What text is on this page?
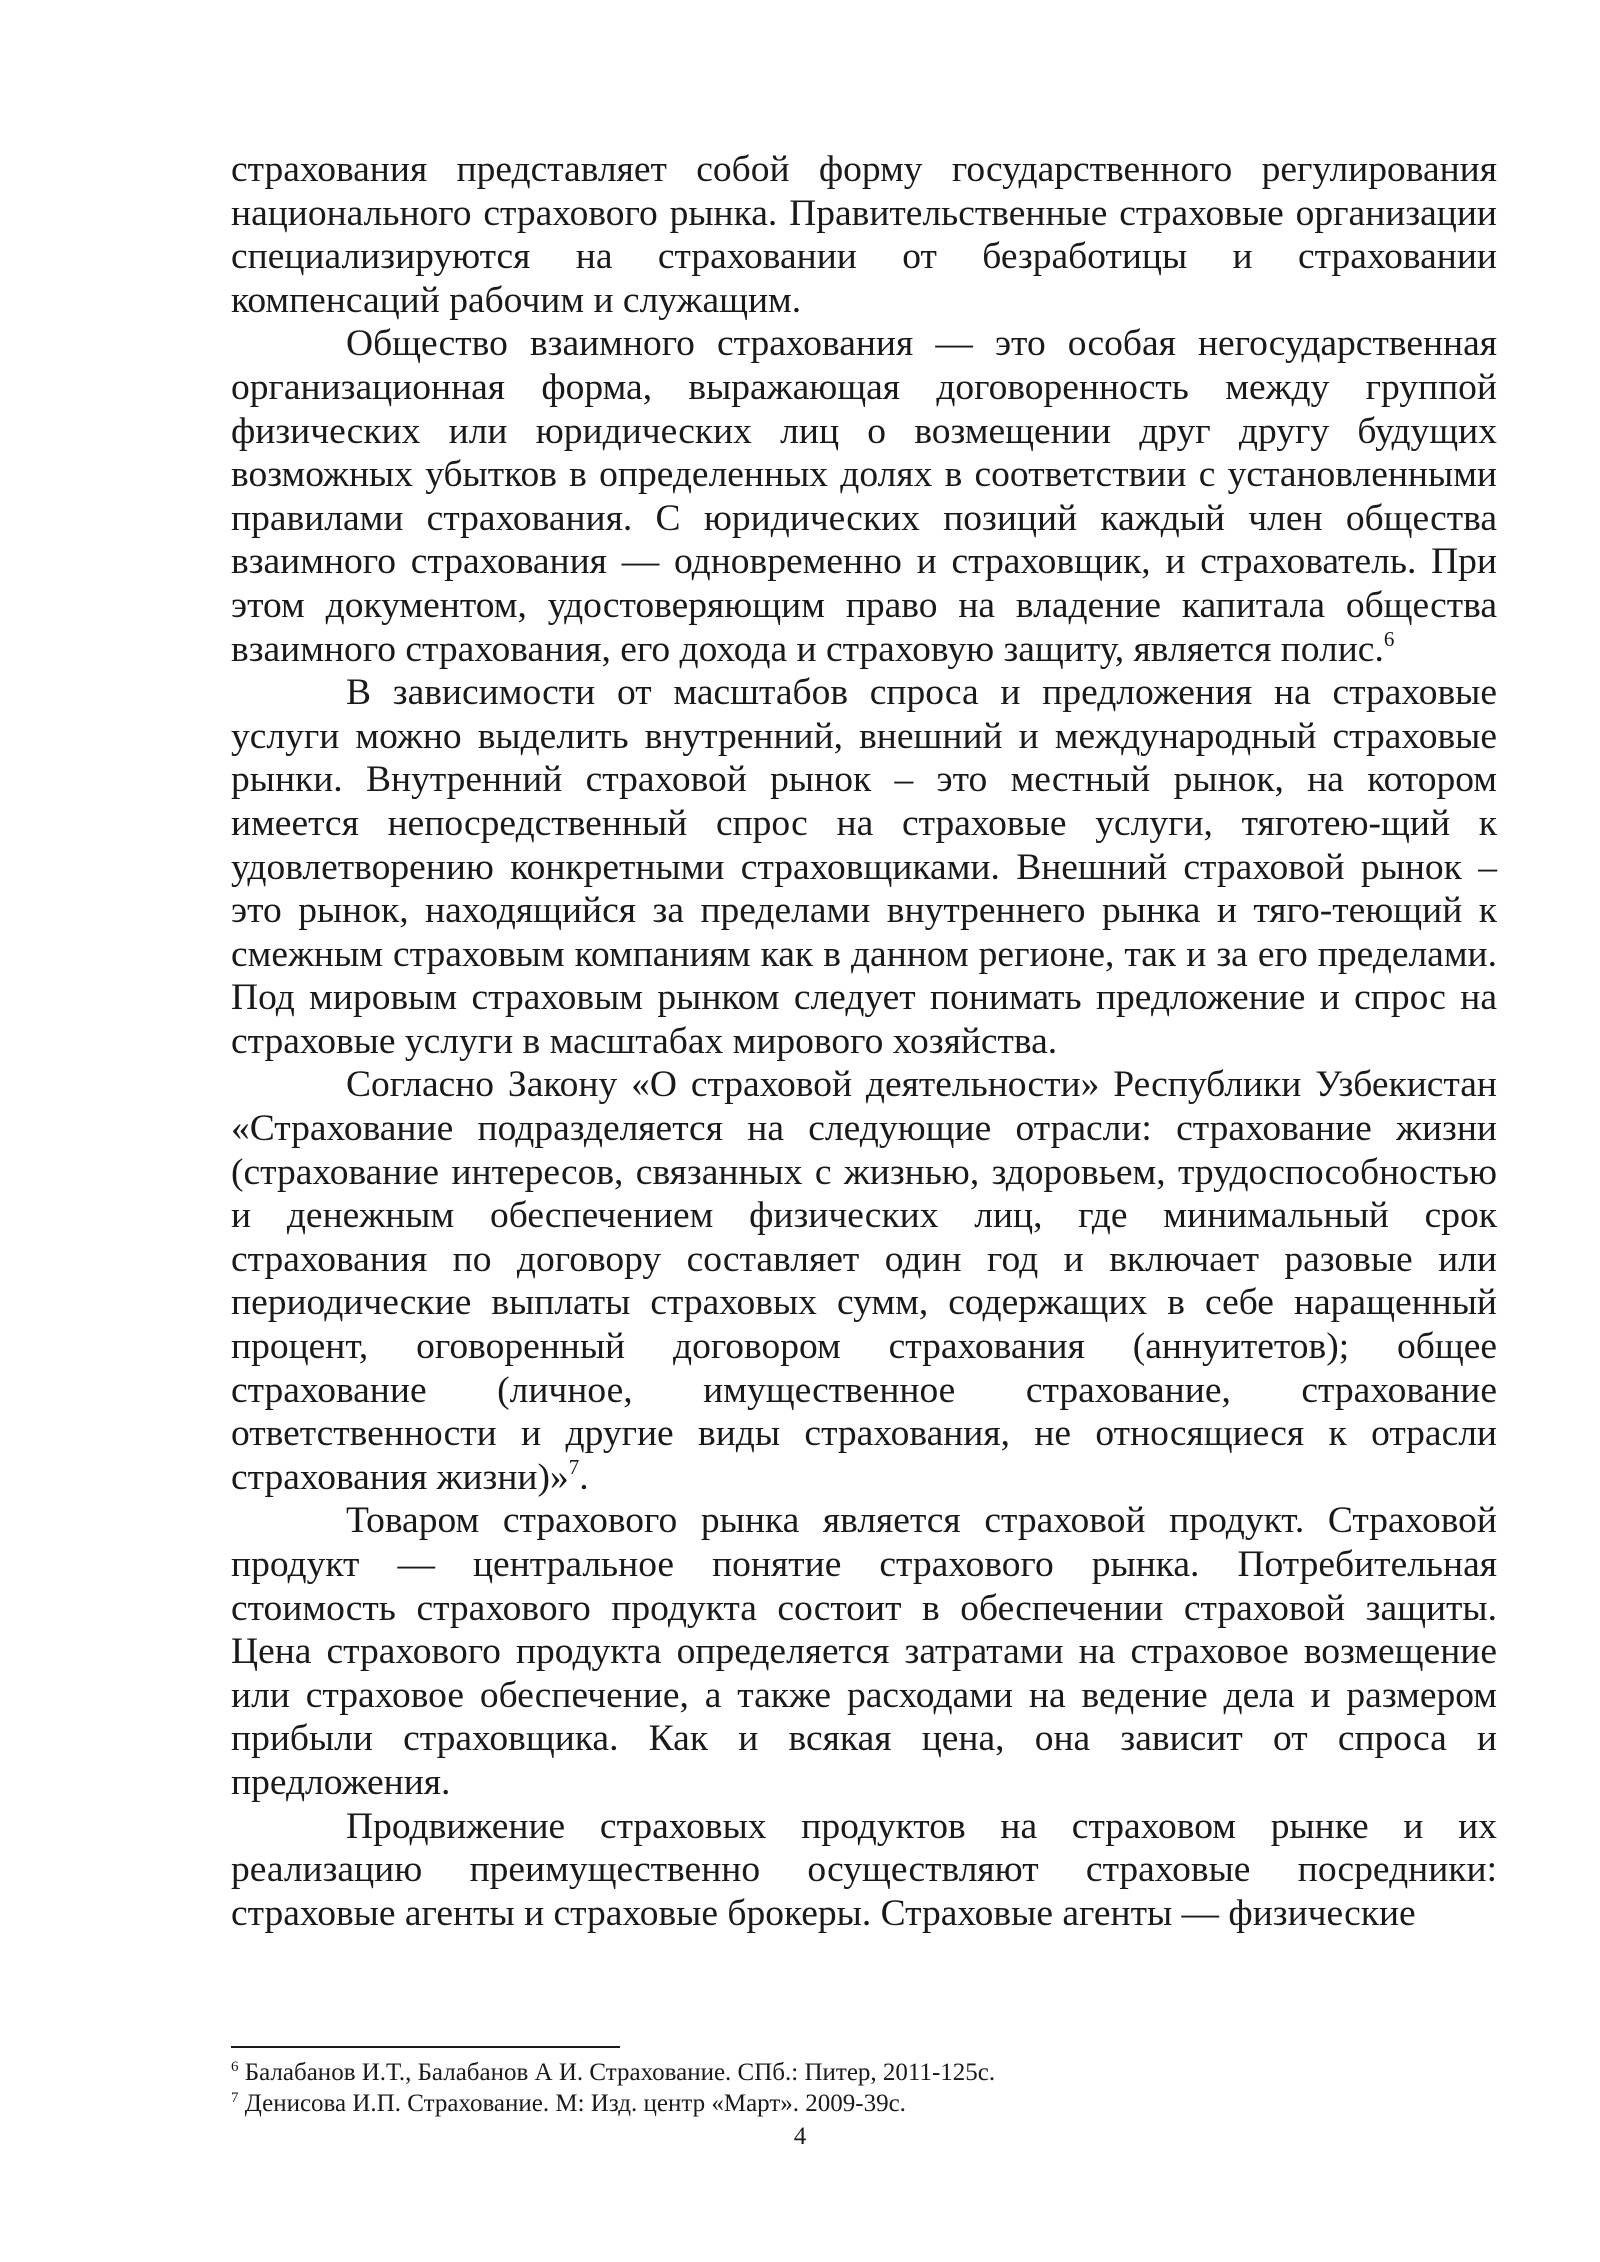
страхования представляет собой форму государственного регулирования национального страхового рынка. Правительственные страховые организации специализируются на страховании от безработицы и страховании компенсаций рабочим и служащим.

Общество взаимного страхования — это особая негосударственная организационная форма, выражающая договоренность между группой физических или юридических лиц о возмещении друг другу будущих возможных убытков в определенных долях в соответствии с установленными правилами страхования. С юридических позиций каждый член общества взаимного страхования — одновременно и страховщик, и страхователь. При этом документом, удостоверяющим право на владение капитала общества взаимного страхования, его дохода и страховую защиту, является полис.$^6$

В зависимости от масштабов спроса и предложения на страховые услуги можно выделить внутренний, внешний и международный страховые рынки. Внутренний страховой рынок – это местный рынок, на котором имеется непосредственный спрос на страховые услуги, тяготею-щий к удовлетворению конкретными страховщиками. Внешний страховой рынок – это рынок, находящийся за пределами внутреннего рынка и тяго-теющий к смежным страховым компаниям как в данном регионе, так и за его пределами. Под мировым страховым рынком следует понимать предложение и спрос на страховые услуги в масштабах мирового хозяйства.

Согласно Закону «О страховой деятельности» Республики Узбекистан «Страхование подразделяется на следующие отрасли: страхование жизни (страхование интересов, связанных с жизнью, здоровьем, трудоспособностью и денежным обеспечением физических лиц, где минимальный срок страхования по договору составляет один год и включает разовые или периодические выплаты страховых сумм, содержащих в себе наращенный процент, оговоренный договором страхования (аннуитетов); общее страхование (личное, имущественное страхование, страхование ответственности и другие виды страхования, не относящиеся к отрасли страхования жизни)»$^7$.

Товаром страхового рынка является страховой продукт. Страховой продукт — центральное понятие страхового рынка. Потребительная стоимость страхового продукта состоит в обеспечении страховой защиты. Цена страхового продукта определяется затратами на страховое возмещение или страховое обеспечение, а также расходами на ведение дела и размером прибыли страховщика. Как и всякая цена, она зависит от спроса и предложения.

Продвижение страховых продуктов на страховом рынке и их реализацию преимущественно осуществляют страховые посредники: страховые агенты и страховые брокеры. Страховые агенты — физические

$^6$ Балабанов И.Т., Балабанов А И. Страхование. СПб.: Питер, 2011-125с.

$^7$ Денисова И.П. Страхование. М: Изд. центр «Март». 2009-39с.

4
